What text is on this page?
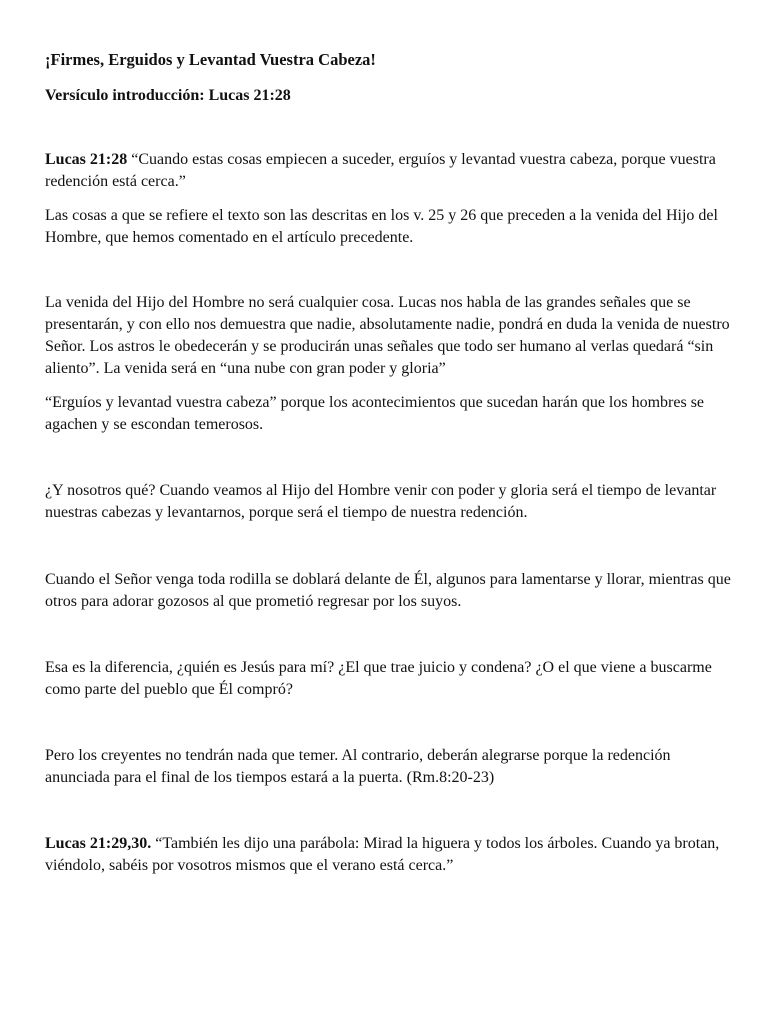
¡Firmes, Erguidos y Levantad Vuestra Cabeza!

Versículo introducción: Lucas 21:28

Lucas 21:28 “Cuando estas cosas empiecen a suceder, erguíos y levantad vuestra cabeza, porque vuestra redención está cerca.”

Las cosas a que se refiere el texto son las descritas en los v. 25 y 26 que preceden a la venida del Hijo del Hombre, que hemos comentado en el artículo precedente.

La venida del Hijo del Hombre no será cualquier cosa. Lucas nos habla de las grandes señales que se presentarán, y con ello nos demuestra que nadie, absolutamente nadie, pondrá en duda la venida de nuestro Señor. Los astros le obedecerán y se producirán unas señales que todo ser humano al verlas quedará “sin aliento”. La venida será en “una nube con gran poder y gloria”

“Erguíos y levantad vuestra cabeza” porque los acontecimientos que sucedan harán que los hombres se agachen y se escondan temerosos.

¿Y nosotros qué? Cuando veamos al Hijo del Hombre venir con poder y gloria será el tiempo de levantar nuestras cabezas y levantarnos, porque será el tiempo de nuestra redención.

Cuando el Señor venga toda rodilla se doblará delante de Él, algunos para lamentarse y llorar, mientras que otros para adorar gozosos al que prometió regresar por los suyos.

Esa es la diferencia, ¿quién es Jesús para mí? ¿El que trae juicio y condena? ¿O el que viene a buscarme como parte del pueblo que Él compró?

Pero los creyentes no tendrán nada que temer. Al contrario, deberán alegrarse porque la redención anunciada para el final de los tiempos estará a la puerta. (Rm.8:20-23)

Lucas 21:29,30. “También les dijo una parábola: Mirad la higuera y todos los árboles. Cuando ya brotan, viéndolo, sabéis por vosotros mismos que el verano está cerca.”
